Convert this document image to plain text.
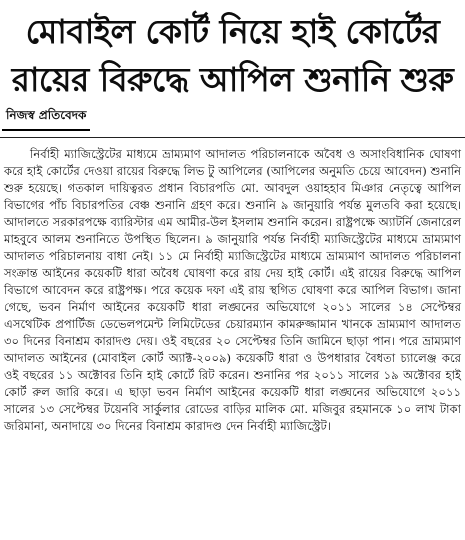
মোবাইল কোর্ট নিয়ে হাই কোর্টের
রায়ের বিরুদ্ধে আপিল শুনানি শুরু
নিজস্ব প্রতিবেদক

নির্বাহী ম্যাজিস্ট্রেটের মাধ্যমে ভ্রাম্যমাণ আদালত পরিচালনাকে অবৈধ ও অসাংবিধানিক ঘোষণা করে হাই কোর্টের দেওয়া রায়ের বিরুদ্ধে লিভ টু আপিলের (আপিলের অনুমতি চেয়ে আবেদন) শুনানি শুরু হয়েছে। গতকাল দায়িত্বরত প্রধান বিচারপতি মো. আবদুল ওয়াহহাব মিঞার নেতৃত্বে আপিল বিভাগের পাঁচ বিচারপতির বেঞ্চ শুনানি গ্রহণ করে। শুনানি ৯ জানুয়ারি পর্যন্ত মুলতবি করা হয়েছে। আদালতে সরকারপক্ষে ব্যারিস্টার এম আমীর-উল ইসলাম শুনানি করেন। রাষ্ট্রপক্ষে অ্যাটর্নি জেনারেল মাহবুবে আলম শুনানিতে উপস্থিত ছিলেন। ৯ জানুয়ারি পর্যন্ত নির্বাহী ম্যাজিস্ট্রেটের মাধ্যমে ভ্রাম্যমাণ আদালত পরিচালনায় বাধা নেই। ১১ মে নির্বাহী ম্যাজিস্ট্রেটের মাধ্যমে ভ্রাম্যমাণ আদালত পরিচালনা সংক্রান্ত আইনের কয়েকটি ধারা অবৈধ ঘোষণা করে রায় দেয় হাই কোর্ট। এই রায়ের বিরুদ্ধে আপিল বিভাগে আবেদন করে রাষ্ট্রপক্ষ। পরে কয়েক দফা এই রায় স্থগিত ঘোষণা করে আপিল বিভাগ। জানা গেছে, ভবন নির্মাণ আইনের কয়েকটি ধারা লঙ্ঘনের অভিযোগে ২০১১ সালের ১৪ সেপ্টেম্বর এসথেটিক প্রপার্টিজ ডেভেলপমেন্ট লিমিটেডের চেয়ারম্যান কামরুজ্জামান খানকে ভ্রাম্যমাণ আদালত ৩০ দিনের বিনাশ্রম কারাদণ্ড দেয়। ওই বছরের ২০ সেপ্টেম্বর তিনি জামিনে ছাড়া পান। পরে ভ্রাম্যমাণ আদালত আইনের (মোবাইল কোর্ট অ্যাক্ট-২০০৯) কয়েকটি ধারা ও উপধারার বৈধতা চ্যালেঞ্জ করে ওই বছরের ১১ অক্টোবর তিনি হাই কোর্টে রিট করেন। শুনানির পর ২০১১ সালের ১৯ অক্টোবর হাই কোর্ট রুল জারি করে। এ ছাড়া ভবন নির্মাণ আইনের কয়েকটি ধারা লঙ্ঘনের অভিযোগে ২০১১ সালের ১৩ সেপ্টেম্বর টয়েনবি সার্কুলার রোডের বাড়ির মালিক মো. মজিবুর রহমানকে ১০ লাখ টাকা জরিমানা, অনাদায়ে ৩০ দিনের বিনাশ্রম কারাদণ্ড দেন নির্বাহী ম্যাজিস্ট্রেট।
